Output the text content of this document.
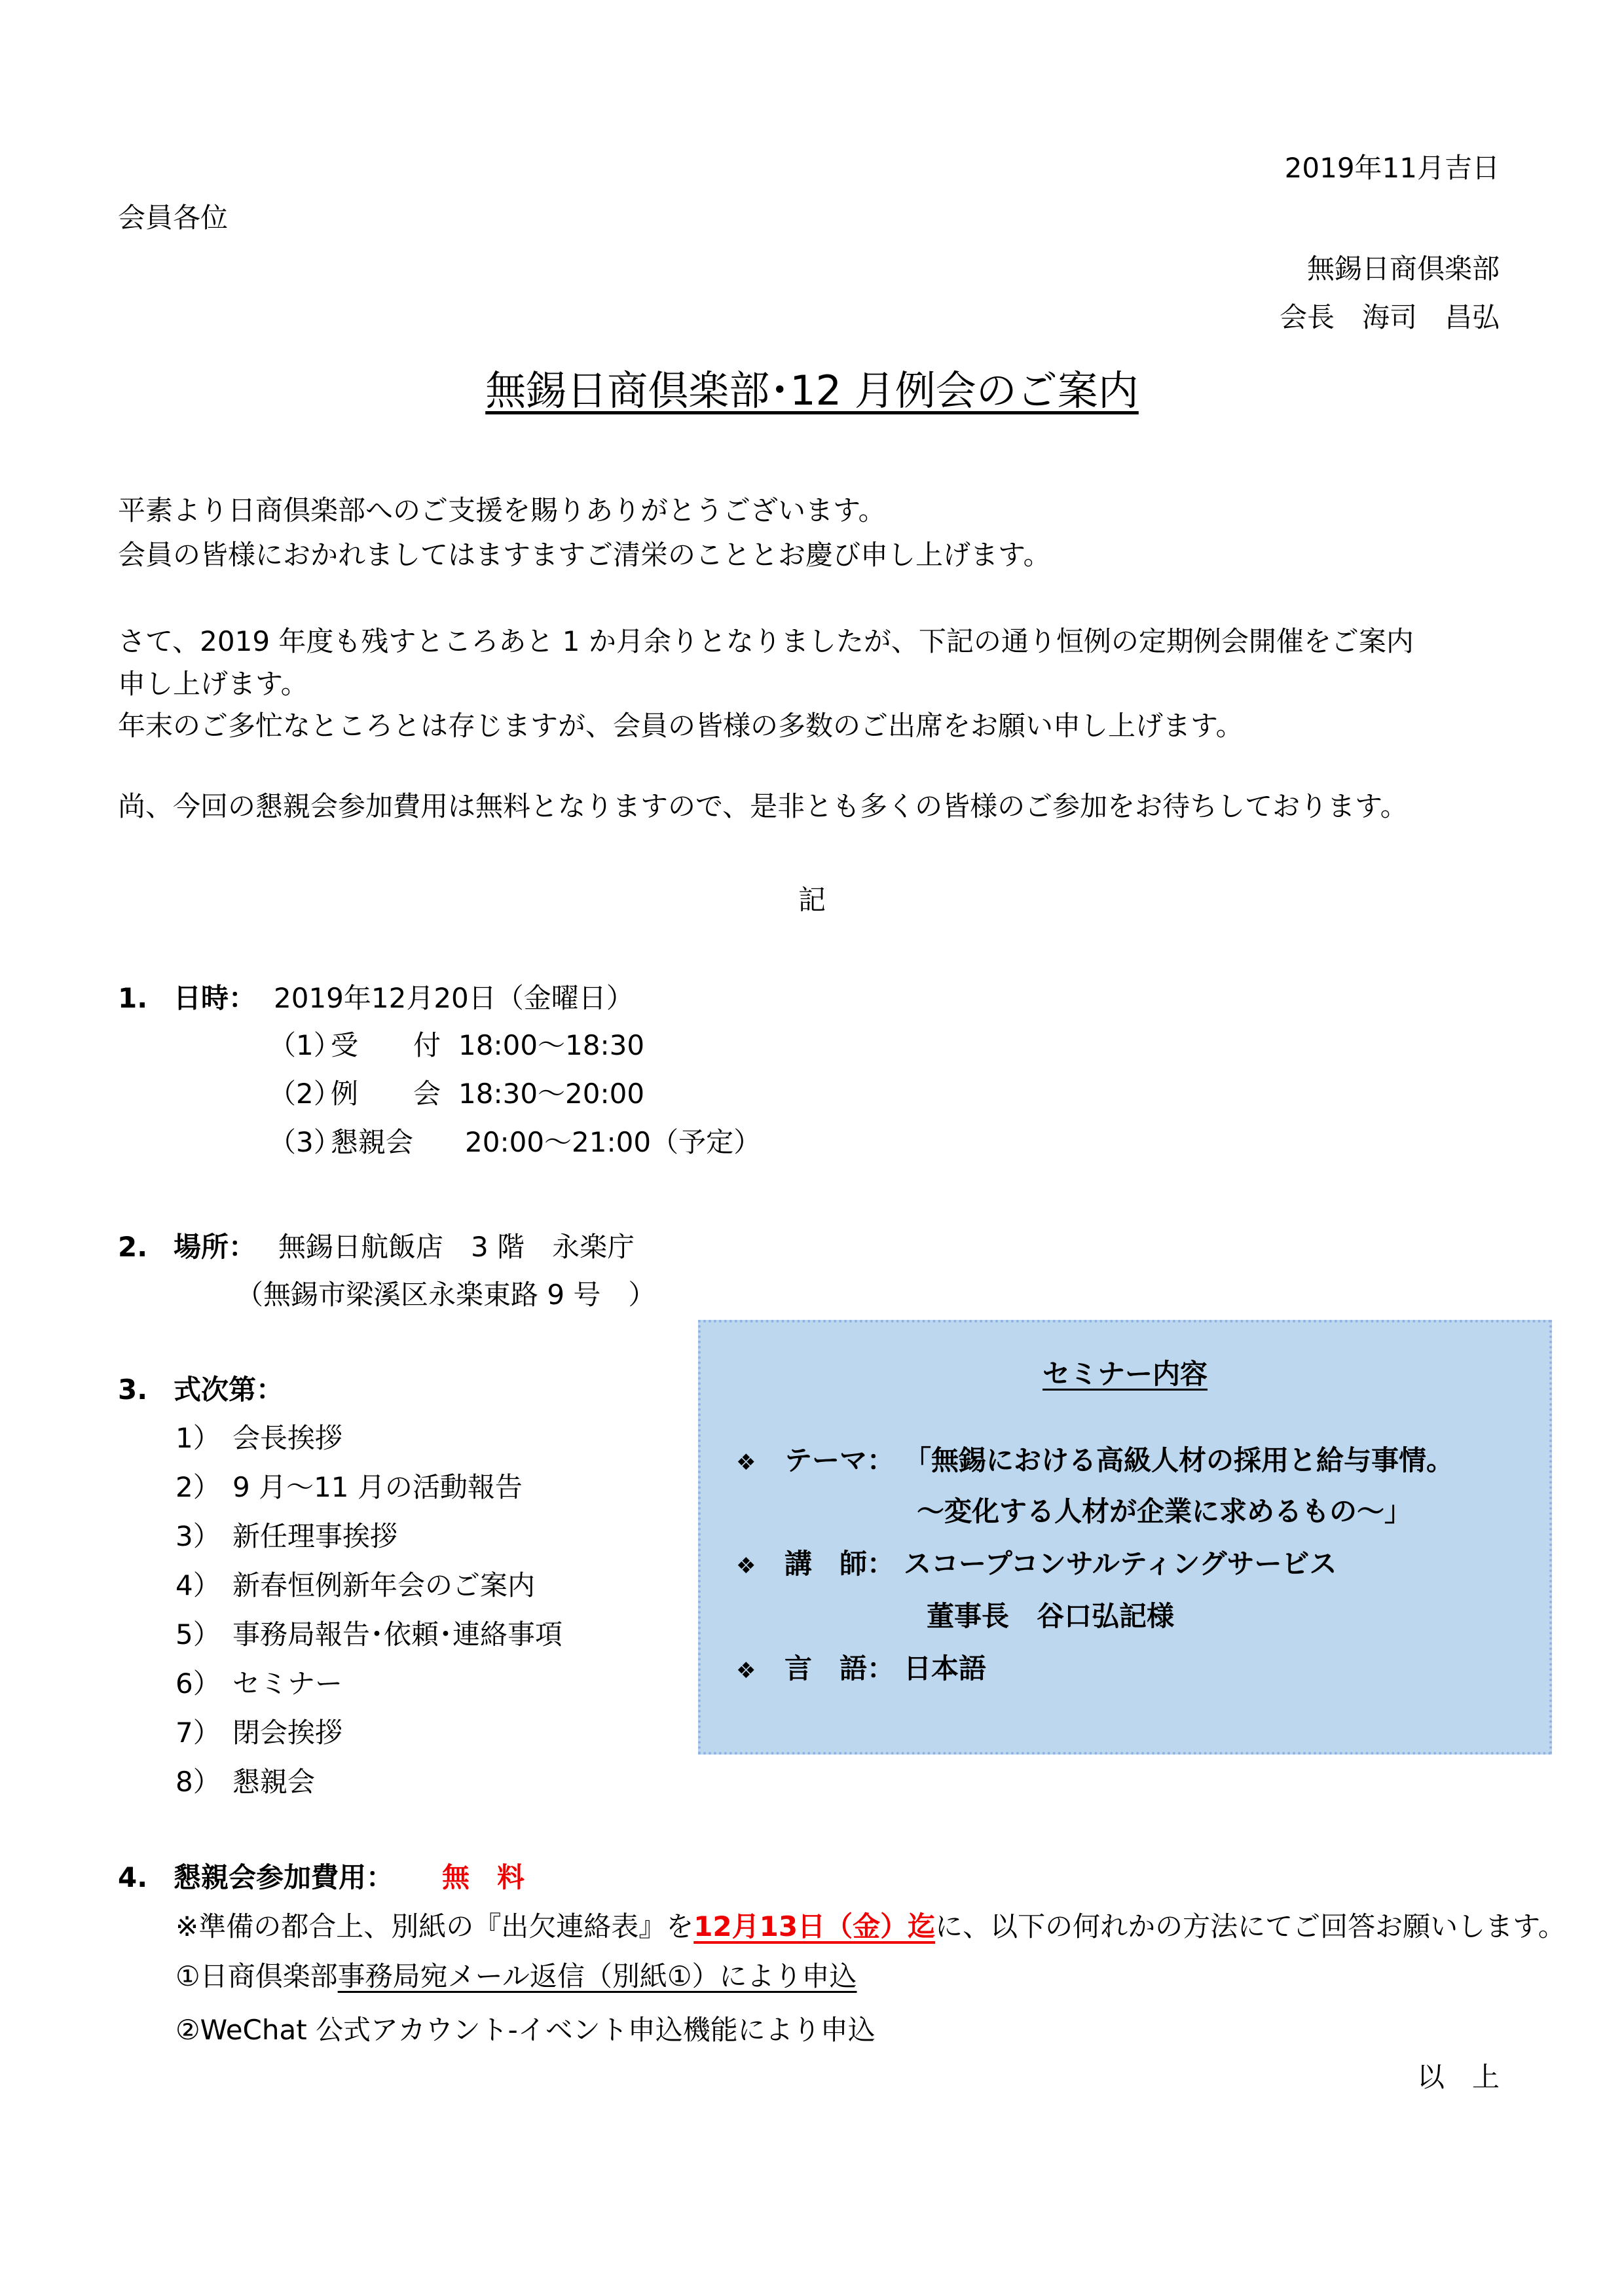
2019年11月吉日
会員各位
無錫日商倶楽部
会長　海司　昌弘
無錫日商倶楽部･12 月例会のご案内
平素より日商倶楽部へのご支援を賜りありがとうございます。
会員の皆様におかれましてはますますご清栄のこととお慶び申し上げます。
さて、2019 年度も残すところあと 1 か月余りとなりましたが、下記の通り恒例の定期例会開催をご案内
申し上げます。
年末のご多忙なところとは存じますが、会員の皆様の多数のご出席をお願い申し上げます。
尚、今回の懇親会参加費用は無料となりますので、是非とも多くの皆様のご参加をお待ちしております。
記
1. 日時： 2019年12月20日（金曜日）
（1）
受　　付 18:00～18:30
（2）
例　　会 18:30～20:00
（3）
懇親会 20:00～21:00（予定）
2. 場所： 無錫日航飯店　3 階　永楽庁
（無錫市梁溪区永楽東路 9 号　）
3. 式次第：
1） 会長挨拶
2） 9 月～11 月の活動報告
3） 新任理事挨拶
4） 新春恒例新年会のご案内
5） 事務局報告･依頼･連絡事項
6） セミナー
7） 閉会挨拶
8） 懇親会
セミナー内容
❖ テーマ： 「無錫における高級人材の採用と給与事情。
～変化する人材が企業に求めるもの～」
❖ 講　師： スコープコンサルティングサービス
董事長　谷口弘記様
❖ 言　語： 日本語
4. 懇親会参加費用： 無　料
※準備の都合上、別紙の『出欠連絡表』を12月13日（金）迄に、以下の何れかの方法にてご回答お願いします。
①日商倶楽部事務局宛メール返信（別紙①）により申込
②WeChat 公式アカウント-イベント申込機能により申込
以　上
